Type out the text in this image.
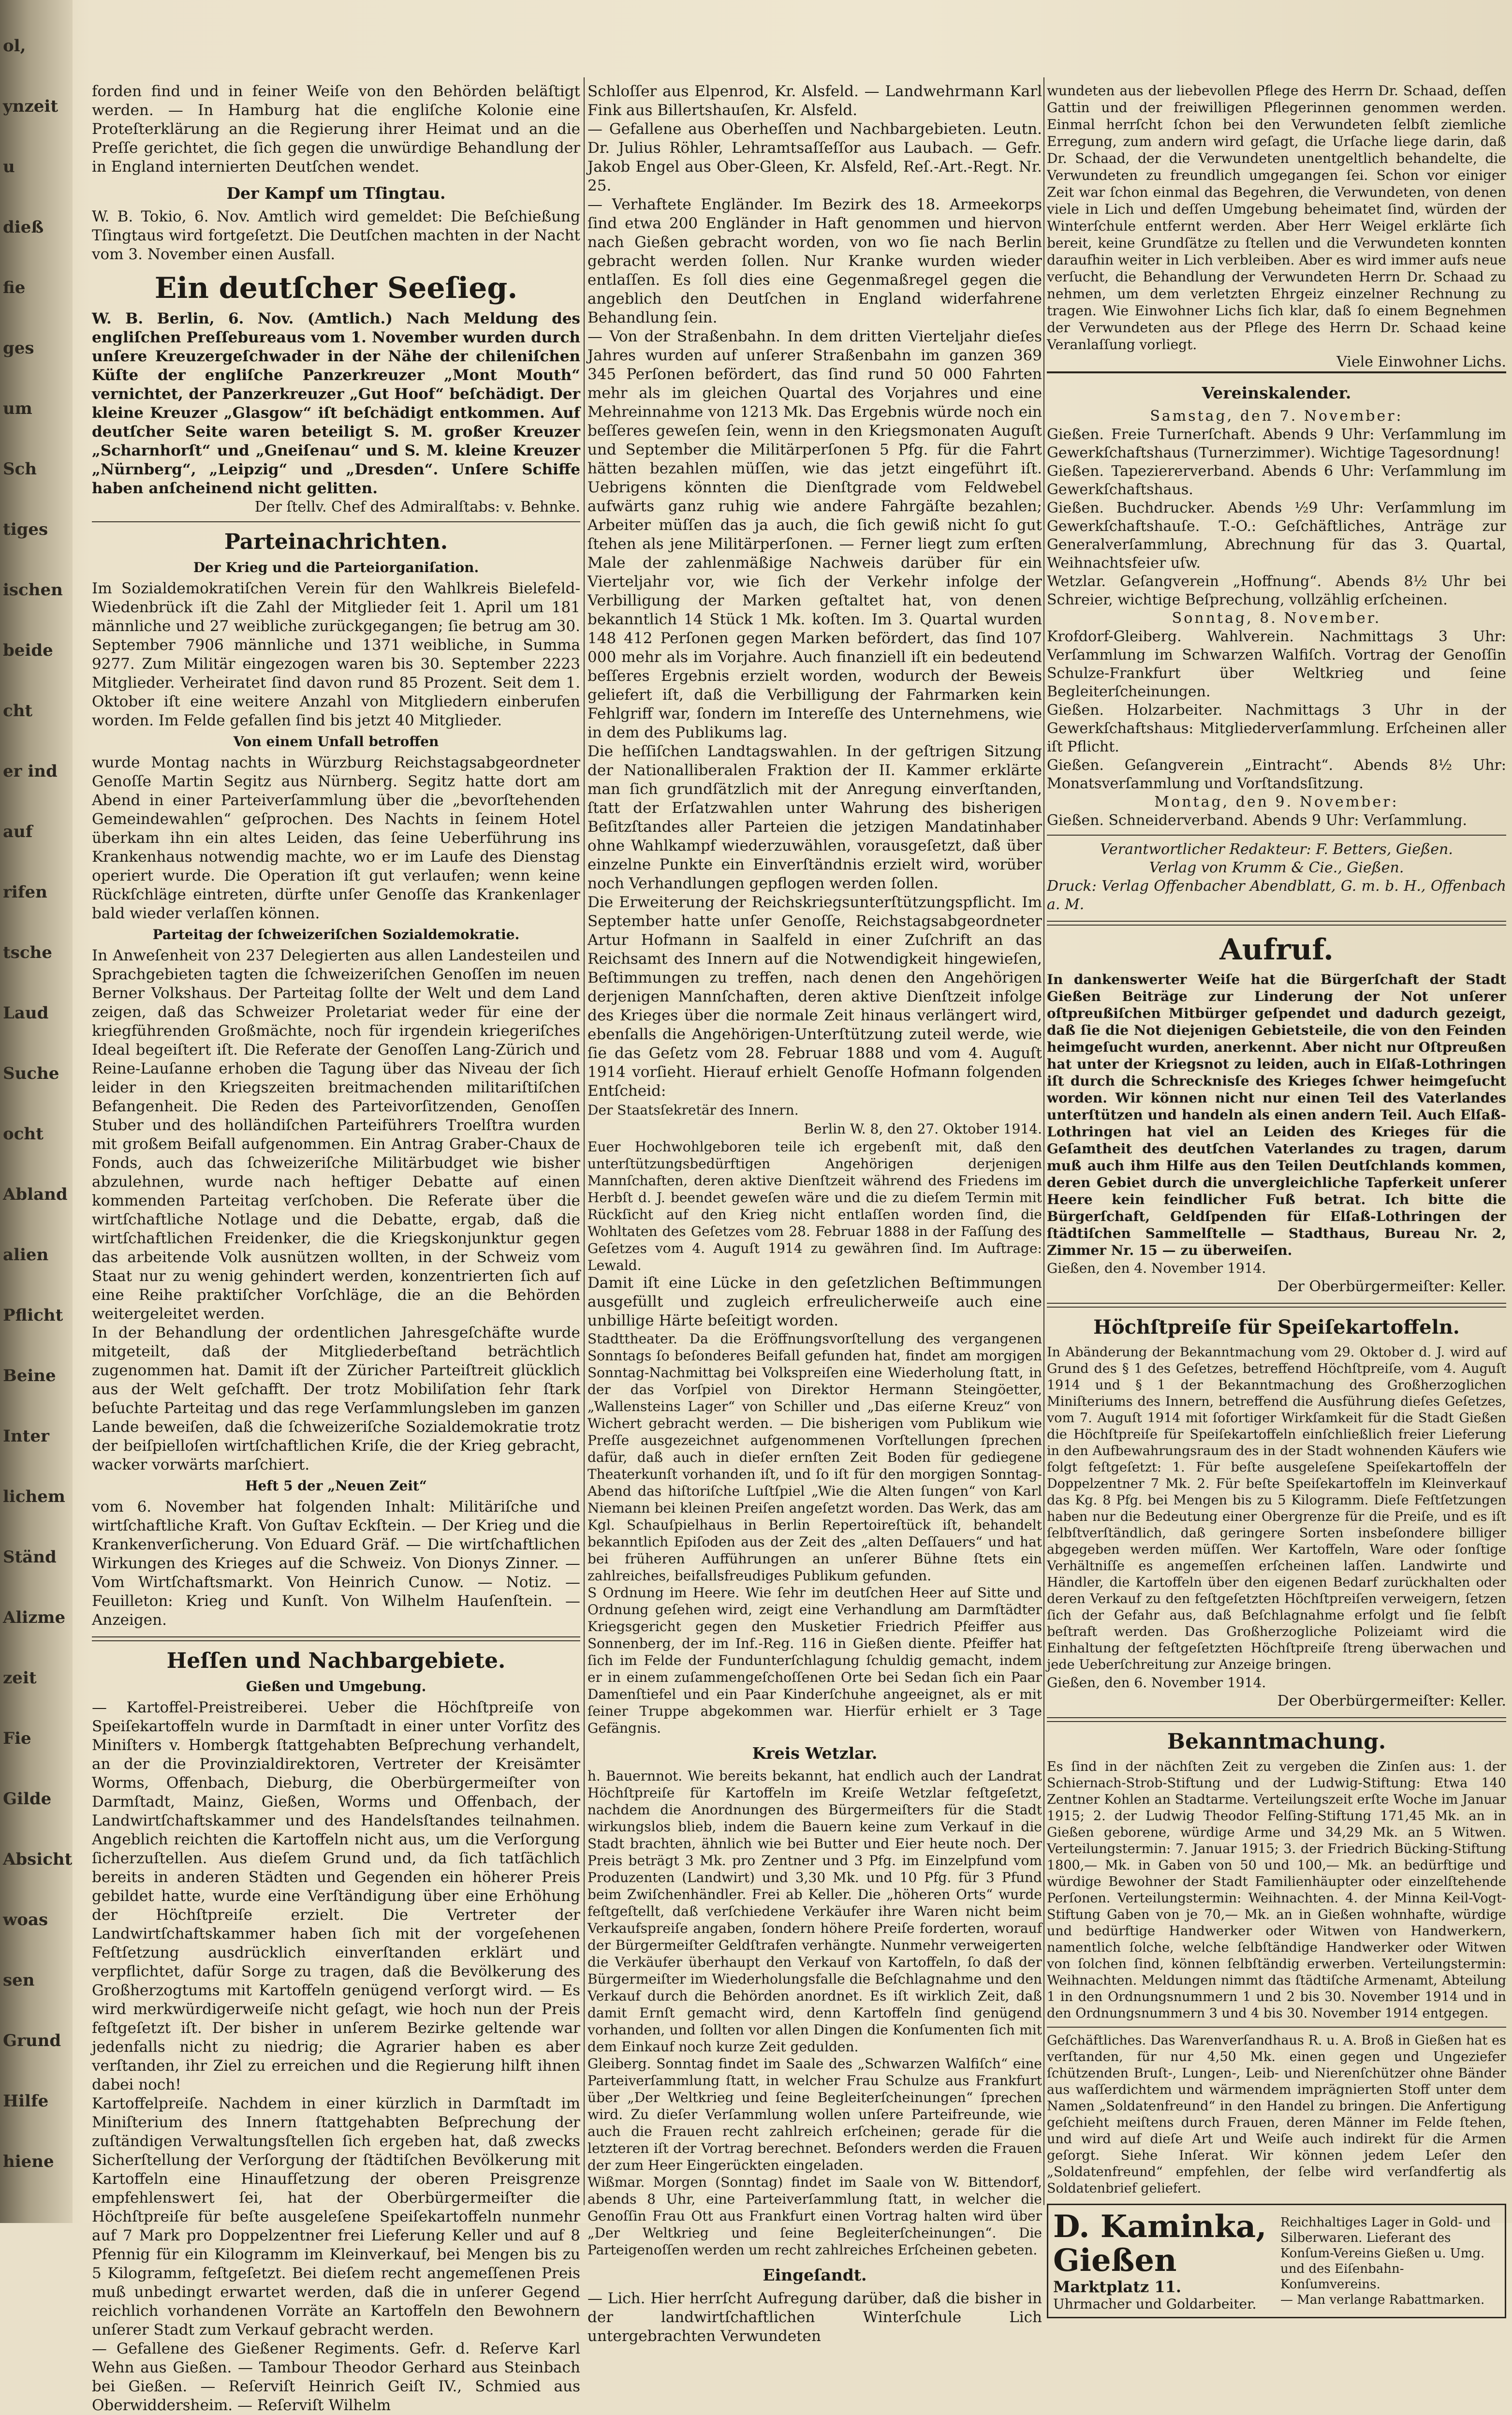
ol,
ynzeit
u
dieß
fie
ges
um
Sch
tiges
ischen
beide
cht
er ind
auf
rifen
tsche
Laud
Suche
ocht
Abland
alien
Pflicht
Beine
Inter
lichem
Ständ
Alizme
zeit
Fie
Gilde
Absicht
woas
sen
Grund
Hilfe
hiene

forden find und in feiner Weiſe von den Behörden beläſtigt werden. — In Hamburg hat die engliſche Kolonie eine Proteſterklärung an die Regierung ihrer Heimat und an die Preſſe gerichtet, die ſich gegen die unwürdige Behandlung der in England internierten Deutſchen wendet.

Der Kampf um Tſingtau.

W. B. Tokio, 6. Nov. Amtlich wird gemeldet: Die Beſchießung Tſingtaus wird fortgeſetzt. Die Deutſchen machten in der Nacht vom 3. November einen Ausfall.

Ein deutſcher Seeſieg.

W. B. Berlin, 6. Nov. (Amtlich.) Nach Meldung des engliſchen Preſſebureaus vom 1. November wurden durch unſere Kreuzergeſchwader in der Nähe der chileniſchen Küſte der engliſche Panzerkreuzer „Mont Mouth“ vernichtet, der Panzerkreuzer „Gut Hoof“ beſchädigt. Der kleine Kreuzer „Glasgow“ iſt beſchädigt entkommen. Auf deutſcher Seite waren beteiligt S. M. großer Kreuzer „Scharnhorſt“ und „Gneiſenau“ und S. M. kleine Kreuzer „Nürnberg“, „Leipzig“ und „Dresden“. Unſere Schiffe haben anſcheinend nicht gelitten.

Der ſtellv. Chef des Admiralſtabs: v. Behnke.
Parteinachrichten.
Der Krieg und die Parteiorganiſation.

Im Sozialdemokratiſchen Verein für den Wahlkreis Bielefeld-Wiedenbrück iſt die Zahl der Mitglieder ſeit 1. April um 181 männliche und 27 weibliche zurückgegangen; ſie betrug am 30. September 7906 männliche und 1371 weibliche, in Summa 9277. Zum Militär eingezogen waren bis 30. September 2223 Mitglieder. Verheiratet ſind davon rund 85 Prozent. Seit dem 1. Oktober iſt eine weitere Anzahl von Mitgliedern einberufen worden. Im Felde gefallen ſind bis jetzt 40 Mitglieder.

Von einem Unfall betroffen

wurde Montag nachts in Würzburg Reichstagsabgeordneter Genoſſe Martin Segitz aus Nürnberg. Segitz hatte dort am Abend in einer Parteiverſammlung über die „bevorſtehenden Gemeindewahlen“ geſprochen. Des Nachts in ſeinem Hotel überkam ihn ein altes Leiden, das ſeine Ueberführung ins Krankenhaus notwendig machte, wo er im Laufe des Dienstag operiert wurde. Die Operation iſt gut verlaufen; wenn keine Rückſchläge eintreten, dürfte unſer Genoſſe das Krankenlager bald wieder verlaſſen können.

Parteitag der ſchweizeriſchen Sozialdemokratie.

In Anweſenheit von 237 Delegierten aus allen Landesteilen und Sprachgebieten tagten die ſchweizeriſchen Genoſſen im neuen Berner Volkshaus. Der Parteitag ſollte der Welt und dem Land zeigen, daß das Schweizer Proletariat weder für eine der kriegführenden Großmächte, noch für irgendein kriegeriſches Ideal begeiſtert iſt. Die Referate der Genoſſen Lang-Zürich und Reine-Lauſanne erhoben die Tagung über das Niveau der ſich leider in den Kriegszeiten breitmachenden militariſtiſchen Befangenheit. Die Reden des Parteivorſitzenden, Genoſſen Stuber und des holländiſchen Parteiführers Troelſtra wurden mit großem Beifall aufgenommen. Ein Antrag Graber-Chaux de Fonds, auch das ſchweizeriſche Militärbudget wie bisher abzulehnen, wurde nach heftiger Debatte auf einen kommenden Parteitag verſchoben. Die Referate über die wirtſchaftliche Notlage und die Debatte, ergab, daß die wirtſchaftlichen Freidenker, die die Kriegskonjunktur gegen das arbeitende Volk ausnützen wollten, in der Schweiz vom Staat nur zu wenig gehindert werden, konzentrierten ſich auf eine Reihe praktiſcher Vorſchläge, die an die Behörden weitergeleitet werden.

In der Behandlung der ordentlichen Jahresgeſchäfte wurde mitgeteilt, daß der Mitgliederbeſtand beträchtlich zugenommen hat. Damit iſt der Züricher Parteiſtreit glücklich aus der Welt geſchafft. Der trotz Mobiliſation ſehr ſtark beſuchte Parteitag und das rege Verſammlungsleben im ganzen Lande beweiſen, daß die ſchweizeriſche Sozialdemokratie trotz der beiſpielloſen wirtſchaftlichen Kriſe, die der Krieg gebracht, wacker vorwärts marſchiert.

Heft 5 der „Neuen Zeit“

vom 6. November hat folgenden Inhalt: Militäriſche und wirtſchaftliche Kraft. Von Guſtav Eckſtein. — Der Krieg und die Krankenverſicherung. Von Eduard Gräf. — Die wirtſchaftlichen Wirkungen des Krieges auf die Schweiz. Von Dionys Zinner. — Vom Wirtſchaftsmarkt. Von Heinrich Cunow. — Notiz. — Feuilleton: Krieg und Kunſt. Von Wilhelm Hauſenſtein. — Anzeigen.

Heſſen und Nachbargebiete.
Gießen und Umgebung.

— Kartoffel-Preistreiberei. Ueber die Höchſtpreiſe von Speiſekartoffeln wurde in Darmſtadt in einer unter Vorſitz des Miniſters v. Hombergk ſtattgehabten Beſprechung verhandelt, an der die Provinzialdirektoren, Vertreter der Kreisämter Worms, Offenbach, Dieburg, die Oberbürgermeiſter von Darmſtadt, Mainz, Gießen, Worms und Offenbach, der Landwirtſchaftskammer und des Handelsſtandes teilnahmen. Angeblich reichten die Kartoffeln nicht aus, um die Verſorgung ſicherzuſtellen. Aus dieſem Grund und, da ſich tatſächlich bereits in anderen Städten und Gegenden ein höherer Preis gebildet hatte, wurde eine Verſtändigung über eine Erhöhung der Höchſtpreiſe erzielt. Die Vertreter der Landwirtſchaftskammer haben ſich mit der vorgeſehenen Feſtſetzung ausdrücklich einverſtanden erklärt und verpflichtet, dafür Sorge zu tragen, daß die Bevölkerung des Großherzogtums mit Kartoffeln genügend verſorgt wird. — Es wird merkwürdigerweiſe nicht geſagt, wie hoch nun der Preis feſtgeſetzt iſt. Der bisher in unſerem Bezirke geltende war jedenfalls nicht zu niedrig; die Agrarier haben es aber verſtanden, ihr Ziel zu erreichen und die Regierung hilft ihnen dabei noch!

Kartoffelpreiſe. Nachdem in einer kürzlich in Darmſtadt im Miniſterium des Innern ſtattgehabten Beſprechung der zuſtändigen Verwaltungsſtellen ſich ergeben hat, daß zwecks Sicherſtellung der Verſorgung der ſtädtiſchen Bevölkerung mit Kartoffeln eine Hinaufſetzung der oberen Preisgrenze empfehlenswert ſei, hat der Oberbürgermeiſter die Höchſtpreiſe für beſte ausgeleſene Speiſekartoffeln nunmehr auf 7 Mark pro Doppelzentner frei Lieferung Keller und auf 8 Pfennig für ein Kilogramm im Kleinverkauf, bei Mengen bis zu 5 Kilogramm, feſtgeſetzt. Bei dieſem recht angemeſſenen Preis muß unbedingt erwartet werden, daß die in unſerer Gegend reichlich vorhandenen Vorräte an Kartoffeln den Bewohnern unſerer Stadt zum Verkauf gebracht werden.

— Gefallene des Gießener Regiments. Gefr. d. Reſerve Karl Wehn aus Gießen. — Tambour Theodor Gerhard aus Steinbach bei Gießen. — Reſerviſt Heinrich Geiſt IV., Schmied aus Oberwiddersheim. — Reſerviſt Wilhelm

Schloſſer aus Elpenrod, Kr. Alsfeld. — Landwehrmann Karl Fink aus Billertshauſen, Kr. Alsfeld.

— Gefallene aus Oberheſſen und Nachbargebieten. Leutn. Dr. Julius Röhler, Lehramtsaſſeſſor aus Laubach. — Gefr. Jakob Engel aus Ober-Gleen, Kr. Alsfeld, Reſ.-Art.-Regt. Nr. 25.

— Verhaftete Engländer. Im Bezirk des 18. Armeekorps ſind etwa 200 Engländer in Haft genommen und hiervon nach Gießen gebracht worden, von wo ſie nach Berlin gebracht werden ſollen. Nur Kranke wurden wieder entlaſſen. Es ſoll dies eine Gegenmaßregel gegen die angeblich den Deutſchen in England widerfahrene Behandlung ſein.

— Von der Straßenbahn. In dem dritten Vierteljahr dieſes Jahres wurden auf unſerer Straßenbahn im ganzen 369 345 Perſonen befördert, das ſind rund 50 000 Fahrten mehr als im gleichen Quartal des Vorjahres und eine Mehreinnahme von 1213 Mk. Das Ergebnis würde noch ein beſſeres geweſen ſein, wenn in den Kriegsmonaten Auguſt und September die Militärperſonen 5 Pfg. für die Fahrt hätten bezahlen müſſen, wie das jetzt eingeführt iſt. Uebrigens könnten die Dienſtgrade vom Feldwebel aufwärts ganz ruhig wie andere Fahrgäſte bezahlen; Arbeiter müſſen das ja auch, die ſich gewiß nicht ſo gut ſtehen als jene Militärperſonen. — Ferner liegt zum erſten Male der zahlenmäßige Nachweis darüber für ein Vierteljahr vor, wie ſich der Verkehr infolge der Verbilligung der Marken geſtaltet hat, von denen bekanntlich 14 Stück 1 Mk. koſten. Im 3. Quartal wurden 148 412 Perſonen gegen Marken befördert, das ſind 107 000 mehr als im Vorjahre. Auch finanziell iſt ein bedeutend beſſeres Ergebnis erzielt worden, wodurch der Beweis geliefert iſt, daß die Verbilligung der Fahrmarken kein Fehlgriff war, ſondern im Intereſſe des Unternehmens, wie in dem des Publikums lag.

Die heſſiſchen Landtagswahlen. In der geſtrigen Sitzung der Nationalliberalen Fraktion der II. Kammer erklärte man ſich grundſätzlich mit der Anregung einverſtanden, ſtatt der Erſatzwahlen unter Wahrung des bisherigen Beſitzſtandes aller Parteien die jetzigen Mandatinhaber ohne Wahlkampf wiederzuwählen, vorausgeſetzt, daß über einzelne Punkte ein Einverſtändnis erzielt wird, worüber noch Verhandlungen gepflogen werden ſollen.

Die Erweiterung der Reichskriegsunterſtützungspflicht. Im September hatte unſer Genoſſe, Reichstagsabgeordneter Artur Hofmann in Saalfeld in einer Zuſchrift an das Reichsamt des Innern auf die Notwendigkeit hingewieſen, Beſtimmungen zu treffen, nach denen den Angehörigen derjenigen Mannſchaften, deren aktive Dienſtzeit infolge des Krieges über die normale Zeit hinaus verlängert wird, ebenſalls die Angehörigen-Unterſtützung zuteil werde, wie ſie das Geſetz vom 28. Februar 1888 und vom 4. Auguſt 1914 vorſieht. Hierauf erhielt Genoſſe Hofmann folgenden Entſcheid:

Der Staatsſekretär des Innern.

Berlin W. 8, den 27. Oktober 1914.

Euer Hochwohlgeboren teile ich ergebenſt mit, daß den unterſtützungsbedürftigen Angehörigen derjenigen Mannſchaften, deren aktive Dienſtzeit während des Friedens im Herbſt d. J. beendet geweſen wäre und die zu dieſem Termin mit Rückſicht auf den Krieg nicht entlaſſen worden ſind, die Wohltaten des Geſetzes vom 28. Februar 1888 in der Faſſung des Geſetzes vom 4. Auguſt 1914 zu gewähren ſind. Im Auftrage: Lewald.

Damit iſt eine Lücke in den geſetzlichen Beſtimmungen ausgefüllt und zugleich erfreulicherweiſe auch eine unbillige Härte beſeitigt worden.

Stadttheater. Da die Eröffnungsvorſtellung des vergangenen Sonntags ſo beſonderes Beifall gefunden hat, findet am morgigen Sonntag-Nachmittag bei Volkspreiſen eine Wiederholung ſtatt, in der das Vorſpiel von Direktor Hermann Steingöetter, „Wallensteins Lager“ von Schiller und „Das eiſerne Kreuz“ von Wichert gebracht werden. — Die bisherigen vom Publikum wie Preſſe ausgezeichnet aufgenommenen Vorſtellungen ſprechen dafür, daß auch in dieſer ernſten Zeit Boden für gediegene Theaterkunſt vorhanden iſt, und ſo iſt für den morgigen Sonntag-Abend das hiſtoriſche Luſtſpiel „Wie die Alten ſungen“ von Karl Niemann bei kleinen Preiſen angeſetzt worden. Das Werk, das am Kgl. Schauſpielhaus in Berlin Repertoireſtück iſt, behandelt bekanntlich Epiſoden aus der Zeit des „alten Deſſauers“ und hat bei früheren Aufführungen an unſerer Bühne ſtets ein zahlreiches, beifallsfreudiges Publikum gefunden.

S Ordnung im Heere. Wie ſehr im deutſchen Heer auf Sitte und Ordnung geſehen wird, zeigt eine Verhandlung am Darmſtädter Kriegsgericht gegen den Musketier Friedrich Pfeiffer aus Sonnenberg, der im Inf.-Reg. 116 in Gießen diente. Pfeiffer hat ſich im Felde der Fundunterſchlagung ſchuldig gemacht, indem er in einem zuſammengeſchoſſenen Orte bei Sedan ſich ein Paar Damenſtiefel und ein Paar Kinderſchuhe angeeignet, als er mit ſeiner Truppe abgekommen war. Hierfür erhielt er 3 Tage Gefängnis.

Kreis Wetzlar.

h. Bauernnot. Wie bereits bekannt, hat endlich auch der Landrat Höchſtpreiſe für Kartoffeln im Kreiſe Wetzlar feſtgeſetzt, nachdem die Anordnungen des Bürgermeiſters für die Stadt wirkungslos blieb, indem die Bauern keine zum Verkauf in die Stadt brachten, ähnlich wie bei Butter und Eier heute noch. Der Preis beträgt 3 Mk. pro Zentner und 3 Pfg. im Einzelpfund vom Produzenten (Landwirt) und 3,30 Mk. und 10 Pfg. für 3 Pfund beim Zwiſchenhändler. Frei ab Keller. Die „höheren Orts“ wurde feſtgeſtellt, daß verſchiedene Verkäufer ihre Waren nicht beim Verkaufspreiſe angaben, ſondern höhere Preiſe forderten, worauf der Bürgermeiſter Geldſtrafen verhängte. Nunmehr verweigerten die Verkäufer überhaupt den Verkauf von Kartoffeln, ſo daß der Bürgermeiſter im Wiederholungsfalle die Beſchlagnahme und den Verkauf durch die Behörden anordnet. Es iſt wirklich Zeit, daß damit Ernſt gemacht wird, denn Kartoffeln ſind genügend vorhanden, und ſollten vor allen Dingen die Konſumenten ſich mit dem Einkauf noch kurze Zeit gedulden.

Gleiberg. Sonntag findet im Saale des „Schwarzen Walfiſch“ eine Parteiverſammlung ſtatt, in welcher Frau Schulze aus Frankfurt über „Der Weltkrieg und ſeine Begleiterſcheinungen“ ſprechen wird. Zu dieſer Verſammlung wollen unſere Parteifreunde, wie auch die Frauen recht zahlreich erſcheinen; gerade für die letzteren iſt der Vortrag berechnet. Beſonders werden die Frauen der zum Heer Eingerückten eingeladen.

Wißmar. Morgen (Sonntag) findet im Saale von W. Bittendorf, abends 8 Uhr, eine Parteiverſammlung ſtatt, in welcher die Genoſſin Frau Ott aus Frankfurt einen Vortrag halten wird über „Der Weltkrieg und ſeine Begleiterſcheinungen“. Die Parteigenoſſen werden um recht zahlreiches Erſcheinen gebeten.

Eingeſandt.

— Lich. Hier herrſcht Aufregung darüber, daß die bisher in der landwirtſchaftlichen Winterſchule Lich untergebrachten Verwundeten

wundeten aus der liebevollen Pflege des Herrn Dr. Schaad, deſſen Gattin und der freiwilligen Pflegerinnen genommen werden. Einmal herrſcht ſchon bei den Verwundeten ſelbſt ziemliche Erregung, zum andern wird geſagt, die Urſache liege darin, daß Dr. Schaad, der die Verwundeten unentgeltlich behandelte, die Verwundeten zu freundlich umgegangen ſei. Schon vor einiger Zeit war ſchon einmal das Begehren, die Verwundeten, von denen viele in Lich und deſſen Umgebung beheimatet ſind, würden der Winterſchule entfernt werden. Aber Herr Weigel erklärte ſich bereit, keine Grundſätze zu ſtellen und die Verwundeten konnten daraufhin weiter in Lich verbleiben. Aber es wird immer aufs neue verſucht, die Behandlung der Verwundeten Herrn Dr. Schaad zu nehmen, um dem verletzten Ehrgeiz einzelner Rechnung zu tragen. Wie Einwohner Lichs ſich klar, daß ſo einem Begnehmen der Verwundeten aus der Pflege des Herrn Dr. Schaad keine Veranlaſſung vorliegt.

Viele Einwohner Lichs.
Vereinskalender.

Samstag, den 7. November:

Gießen. Freie Turnerſchaft. Abends 9 Uhr: Verſammlung im Gewerkſchaftshaus (Turnerzimmer). Wichtige Tagesordnung!

Gießen. Tapeziererverband. Abends 6 Uhr: Verſammlung im Gewerkſchaftshaus.

Gießen. Buchdrucker. Abends ½9 Uhr: Verſammlung im Gewerkſchaftshauſe. T.-O.: Geſchäftliches, Anträge zur Generalverſammlung, Abrechnung für das 3. Quartal, Weihnachtsfeier uſw.

Wetzlar. Geſangverein „Hoffnung“. Abends 8½ Uhr bei Schreier, wichtige Beſprechung, vollzählig erſcheinen.

Sonntag, 8. November.

Krofdorf-Gleiberg. Wahlverein. Nachmittags 3 Uhr: Verſammlung im Schwarzen Walfiſch. Vortrag der Genoſſin Schulze-Frankfurt über Weltkrieg und ſeine Begleiterſcheinungen.

Gießen. Holzarbeiter. Nachmittags 3 Uhr in der Gewerkſchaftshaus: Mitgliederverſammlung. Erſcheinen aller iſt Pflicht.

Gießen. Geſangverein „Eintracht“. Abends 8½ Uhr: Monatsverſammlung und Vorſtandsſitzung.

Montag, den 9. November:

Gießen. Schneiderverband. Abends 9 Uhr: Verſammlung.

Verantwortlicher Redakteur: F. Betters, Gießen.

Verlag von Krumm & Cie., Gießen.

Druck: Verlag Offenbacher Abendblatt, G. m. b. H., Offenbach a. M.

Aufruf.

In dankenswerter Weiſe hat die Bürgerſchaft der Stadt Gießen Beiträge zur Linderung der Not unſerer oſtpreußiſchen Mitbürger geſpendet und dadurch gezeigt, daß ſie die Not diejenigen Gebietsteile, die von den Feinden heimgeſucht wurden, anerkennt. Aber nicht nur Oſtpreußen hat unter der Kriegsnot zu leiden, auch in Elſaß-Lothringen iſt durch die Schrecknisſe des Krieges ſchwer heimgeſucht worden. Wir können nicht nur einen Teil des Vaterlandes unterſtützen und handeln als einen andern Teil. Auch Elſaß-Lothringen hat viel an Leiden des Krieges für die Geſamtheit des deutſchen Vaterlandes zu tragen, darum muß auch ihm Hilfe aus den Teilen Deutſchlands kommen, deren Gebiet durch die unvergleichliche Tapferkeit unſerer Heere kein feindlicher Fuß betrat. Ich bitte die Bürgerſchaft, Geldſpenden für Elſaß-Lothringen der ſtädtiſchen Sammelſtelle — Stadthaus, Bureau Nr. 2, Zimmer Nr. 15 — zu überweiſen.

Gießen, den 4. November 1914.

Der Oberbürgermeiſter: Keller.
Höchſtpreiſe für Speiſekartoffeln.

In Abänderung der Bekanntmachung vom 29. Oktober d. J. wird auf Grund des § 1 des Geſetzes, betreffend Höchſtpreiſe, vom 4. Auguſt 1914 und § 1 der Bekanntmachung des Großherzoglichen Miniſteriums des Innern, betreffend die Ausführung dieſes Geſetzes, vom 7. Auguſt 1914 mit ſofortiger Wirkſamkeit für die Stadt Gießen die Höchſtpreiſe für Speiſekartoffeln einſchließlich freier Lieferung in den Aufbewahrungsraum des in der Stadt wohnenden Käufers wie folgt feſtgeſetzt: 1. Für beſte ausgeleſene Speiſekartoffeln der Doppelzentner 7 Mk. 2. Für beſte Speiſekartoffeln im Kleinverkauf das Kg. 8 Pfg. bei Mengen bis zu 5 Kilogramm. Dieſe Feſtſetzungen haben nur die Bedeutung einer Obergrenze für die Preiſe, und es iſt ſelbſtverſtändlich, daß geringere Sorten insbeſondere billiger abgegeben werden müſſen. Wer Kartoffeln, Ware oder ſonſtige Verhältniſſe es angemeſſen erſcheinen laſſen. Landwirte und Händler, die Kartoffeln über den eigenen Bedarf zurückhalten oder deren Verkauf zu den feſtgeſetzten Höchſtpreiſen verweigern, ſetzen ſich der Gefahr aus, daß Beſchlagnahme erfolgt und ſie ſelbſt beſtraft werden. Das Großherzogliche Polizeiamt wird die Einhaltung der feſtgeſetzten Höchſtpreiſe ſtreng überwachen und jede Ueberſchreitung zur Anzeige bringen.

Gießen, den 6. November 1914.

Der Oberbürgermeiſter: Keller.
Bekanntmachung.

Es ſind in der nächſten Zeit zu vergeben die Zinſen aus: 1. der Schiernach-Strob-Stiftung und der Ludwig-Stiftung: Etwa 140 Zentner Kohlen an Stadtarme. Verteilungszeit erſte Woche im Januar 1915; 2. der Ludwig Theodor Felſing-Stiftung 171,45 Mk. an in Gießen geborene, würdige Arme und 34,29 Mk. an 5 Witwen. Verteilungstermin: 7. Januar 1915; 3. der Friedrich Bücking-Stiftung 1800,— Mk. in Gaben von 50 und 100,— Mk. an bedürftige und würdige Bewohner der Stadt Familienhäupter oder einzelſtehende Perſonen. Verteilungstermin: Weihnachten. 4. der Minna Keil-Vogt-Stiftung Gaben von je 70,— Mk. an in Gießen wohnhafte, würdige und bedürftige Handwerker oder Witwen von Handwerkern, namentlich ſolche, welche ſelbſtändige Handwerker oder Witwen von ſolchen ſind, können ſelbſtändig erwerben. Verteilungstermin: Weihnachten. Meldungen nimmt das ſtädtiſche Armenamt, Abteilung 1 in den Ordnungsnummern 1 und 2 bis 30. November 1914 und in den Ordnungsnummern 3 und 4 bis 30. November 1914 entgegen.

Geſchäftliches. Das Warenverſandhaus R. u. A. Broß in Gießen hat es verſtanden, für nur 4,50 Mk. einen gegen und Ungeziefer ſchützenden Bruſt-, Lungen-, Leib- und Nierenſchützer ohne Bänder aus waſſerdichtem und wärmendem imprägnierten Stoff unter dem Namen „Soldatenfreund“ in den Handel zu bringen. Die Anfertigung geſchieht meiſtens durch Frauen, deren Männer im Felde ſtehen, und wird auf dieſe Art und Weiſe auch indirekt für die Armen geſorgt. Siehe Inſerat. Wir können jedem Leſer den „Soldatenfreund“ empfehlen, der ſelbe wird verſandfertig als Soldatenbrief geliefert.

D. Kaminka, Gießen
Marktplatz 11.
Uhrmacher und Goldarbeiter.
Reichhaltiges Lager in Gold- und Silberwaren. Lieferant des Konſum-Vereins Gießen u. Umg. und des Eiſenbahn-Konſumvereins.
— Man verlange Rabattmarken.
